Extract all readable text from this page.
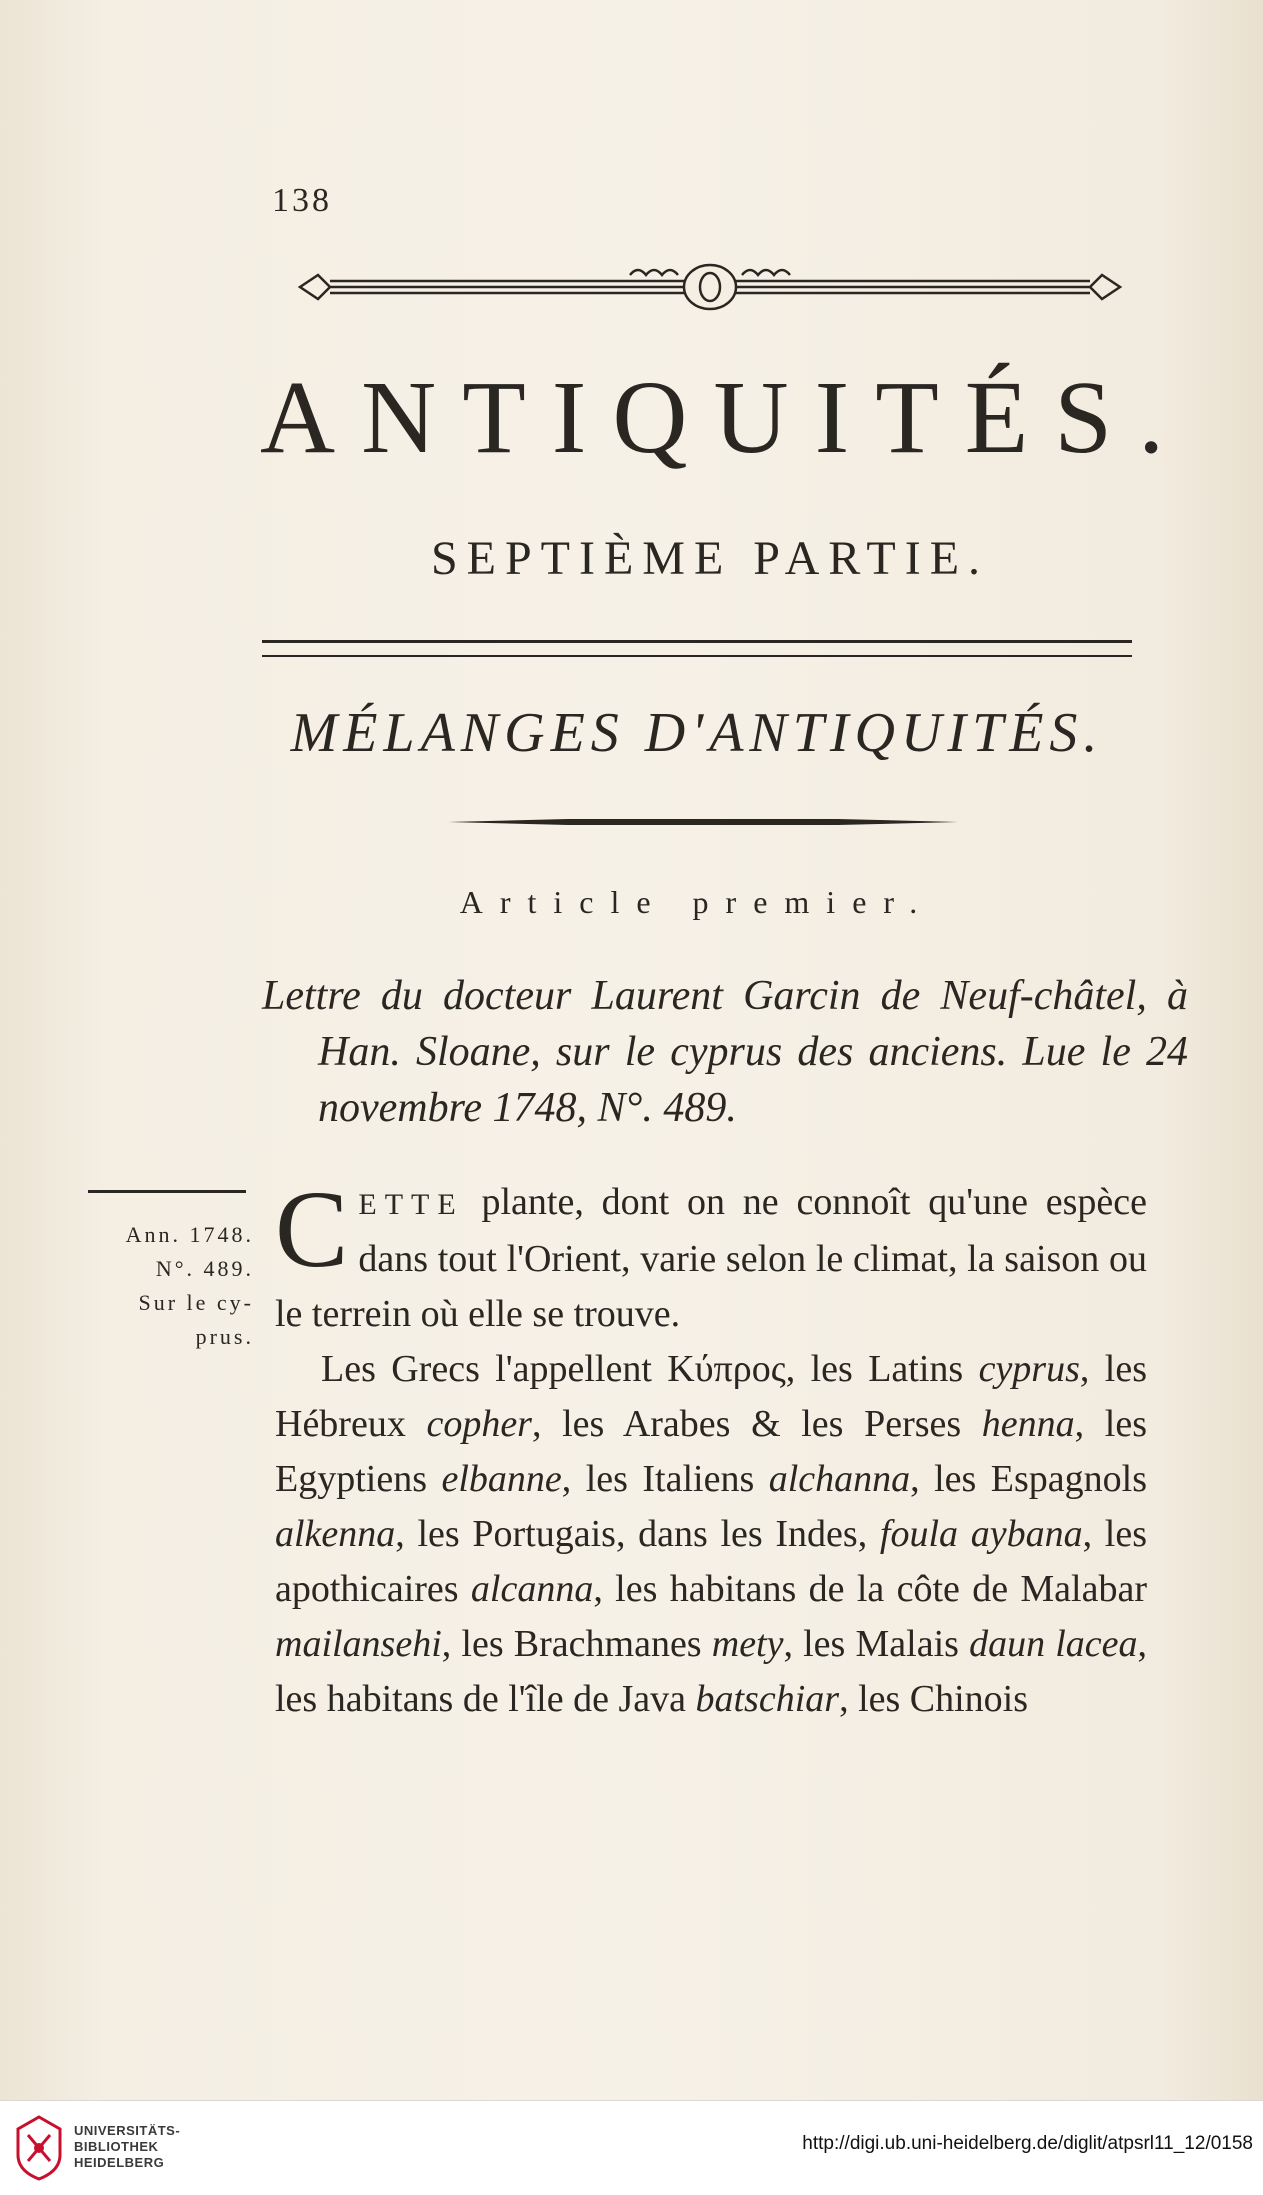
138
ANTIQUITÉS.
SEPTIÈME PARTIE.
MÉLANGES D'ANTIQUITÉS.
Article premier.

Lettre du docteur Laurent Garcin de Neuf-châtel, à Han. Sloane, sur le cyprus des anciens. Lue le 24 novembre 1748, N°. 489.

Ann. 1748.
N°. 489.
Sur le cy-
prus.

CETTE plante, dont on ne connoît qu'une espèce dans tout l'Orient, varie selon le climat, la saison ou le terrein où elle se trouve.

Les Grecs l'appellent Κύπρος, les Latins cyprus, les Hébreux copher, les Arabes & les Perses henna, les Egyptiens elbanne, les Italiens alchanna, les Espagnols alkenna, les Portugais, dans les Indes, foula aybana, les apothicaires alcanna, les habitans de la côte de Malabar mailansehi, les Brachmanes mety, les Malais daun lacea, les habitans de l'île de Java batschiar, les Chinois

UNIVERSITÄTS-
BIBLIOTHEK
HEIDELBERG
http://digi.ub.uni-heidelberg.de/diglit/atpsrl11_12/0158
